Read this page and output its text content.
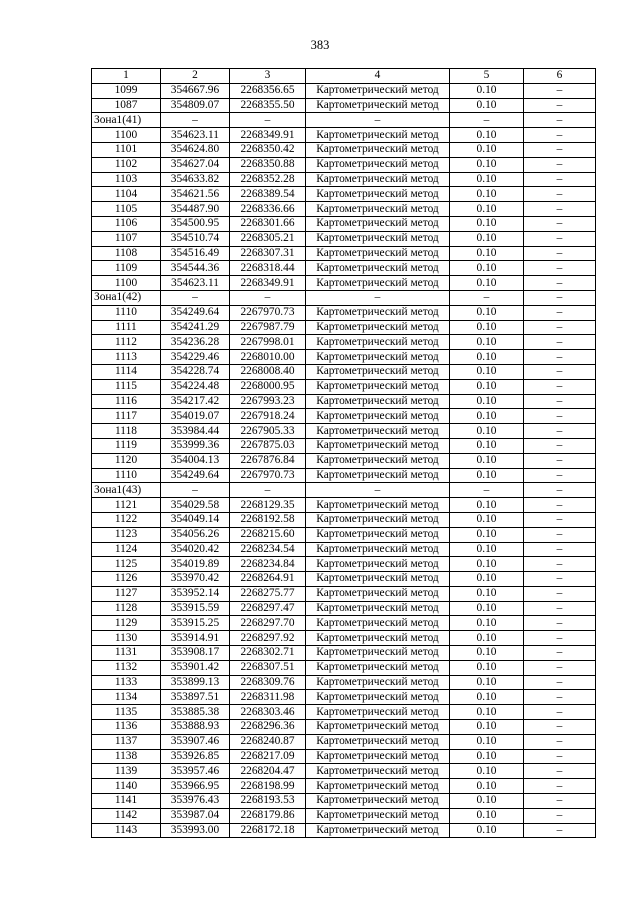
383
1	2	3	4	5	6
1099	354667.96	2268356.65	Картометрический метод	0.10	–
1087	354809.07	2268355.50	Картометрический метод	0.10	–
Зона1(41)	–	–	–	–	–
1100	354623.11	2268349.91	Картометрический метод	0.10	–
1101	354624.80	2268350.42	Картометрический метод	0.10	–
1102	354627.04	2268350.88	Картометрический метод	0.10	–
1103	354633.82	2268352.28	Картометрический метод	0.10	–
1104	354621.56	2268389.54	Картометрический метод	0.10	–
1105	354487.90	2268336.66	Картометрический метод	0.10	–
1106	354500.95	2268301.66	Картометрический метод	0.10	–
1107	354510.74	2268305.21	Картометрический метод	0.10	–
1108	354516.49	2268307.31	Картометрический метод	0.10	–
1109	354544.36	2268318.44	Картометрический метод	0.10	–
1100	354623.11	2268349.91	Картометрический метод	0.10	–
Зона1(42)	–	–	–	–	–
1110	354249.64	2267970.73	Картометрический метод	0.10	–
1111	354241.29	2267987.79	Картометрический метод	0.10	–
1112	354236.28	2267998.01	Картометрический метод	0.10	–
1113	354229.46	2268010.00	Картометрический метод	0.10	–
1114	354228.74	2268008.40	Картометрический метод	0.10	–
1115	354224.48	2268000.95	Картометрический метод	0.10	–
1116	354217.42	2267993.23	Картометрический метод	0.10	–
1117	354019.07	2267918.24	Картометрический метод	0.10	–
1118	353984.44	2267905.33	Картометрический метод	0.10	–
1119	353999.36	2267875.03	Картометрический метод	0.10	–
1120	354004.13	2267876.84	Картометрический метод	0.10	–
1110	354249.64	2267970.73	Картометрический метод	0.10	–
Зона1(43)	–	–	–	–	–
1121	354029.58	2268129.35	Картометрический метод	0.10	–
1122	354049.14	2268192.58	Картометрический метод	0.10	–
1123	354056.26	2268215.60	Картометрический метод	0.10	–
1124	354020.42	2268234.54	Картометрический метод	0.10	–
1125	354019.89	2268234.84	Картометрический метод	0.10	–
1126	353970.42	2268264.91	Картометрический метод	0.10	–
1127	353952.14	2268275.77	Картометрический метод	0.10	–
1128	353915.59	2268297.47	Картометрический метод	0.10	–
1129	353915.25	2268297.70	Картометрический метод	0.10	–
1130	353914.91	2268297.92	Картометрический метод	0.10	–
1131	353908.17	2268302.71	Картометрический метод	0.10	–
1132	353901.42	2268307.51	Картометрический метод	0.10	–
1133	353899.13	2268309.76	Картометрический метод	0.10	–
1134	353897.51	2268311.98	Картометрический метод	0.10	–
1135	353885.38	2268303.46	Картометрический метод	0.10	–
1136	353888.93	2268296.36	Картометрический метод	0.10	–
1137	353907.46	2268240.87	Картометрический метод	0.10	–
1138	353926.85	2268217.09	Картометрический метод	0.10	–
1139	353957.46	2268204.47	Картометрический метод	0.10	–
1140	353966.95	2268198.99	Картометрический метод	0.10	–
1141	353976.43	2268193.53	Картометрический метод	0.10	–
1142	353987.04	2268179.86	Картометрический метод	0.10	–
1143	353993.00	2268172.18	Картометрический метод	0.10	–
